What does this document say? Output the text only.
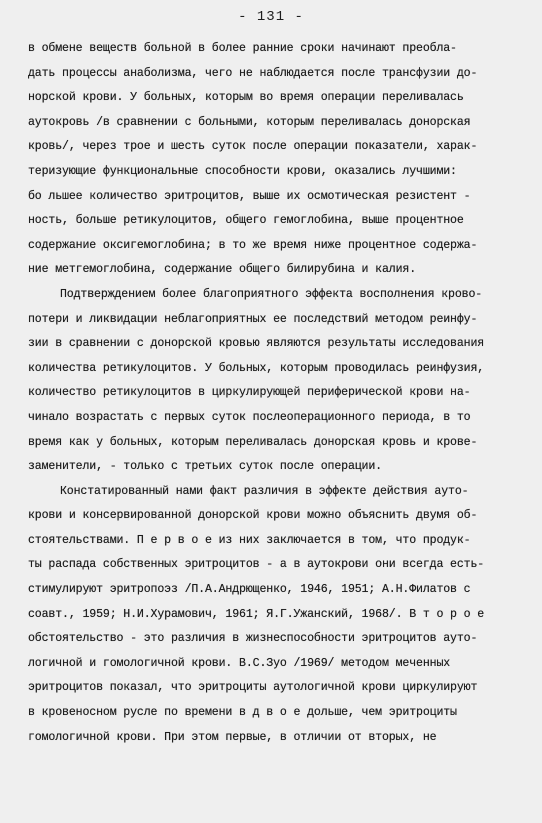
- 131 -
в обмене веществ больной в более ранние сроки начинают преобла-
дать процессы анаболизма, чего не наблюдается после трансфузии до-
норской крови. У больных, которым во время операции переливалась
аутокровь /в сравнении с больными, которым переливалась донорская
кровь/, через трое и шесть суток после операции показатели, харак-
теризующие функциональные способности крови, оказались лучшими:
бо льшее количество эритроцитов, выше их осмотическая резистент -
ность, больше ретикулоцитов, общего гемоглобина, выше процентное
содержание оксигемоглобина; в то же время ниже процентное содержа-
ние метгемоглобина, содержание общего билирубина и калия.
Подтверждением более благоприятного эффекта восполнения крово-
потери и ликвидации неблагоприятных ее последствий методом реинфу-
зии в сравнении с донорской кровью являются результаты исследования
количества ретикулоцитов. У больных, которым проводилась реинфузия,
количество ретикулоцитов в циркулирующей периферической крови на-
чинало возрастать с первых суток послеоперационного периода, в то
время как у больных, которым переливалась донорская кровь и крове-
заменители, - только с третьих суток после операции.
Констатированный нами факт различия в эффекте действия ауто-
крови и консервированной донорской крови можно объяснить двумя об-
стоятельствами. П е р в о е из них заключается в том, что продук-
ты распада собственных эритроцитов - а в аутокрови они всегда есть-
стимулируют эритропоэз /П.А.Андрющенко, 1946, 1951; А.Н.Филатов с
соавт., 1959; Н.И.Хурамович, 1961; Я.Г.Ужанский, 1968/. В т о р о е
обстоятельство - это различия в жизнеспособности эритроцитов ауто-
логичной и гомологичной крови. В.С.Зуо /1969/ методом меченных
эритроцитов показал, что эритроциты аутологичной крови циркулируют
в кровеносном русле по времени в д в о е дольше, чем эритроциты
гомологичной крови. При этом первые, в отличии от вторых, не
